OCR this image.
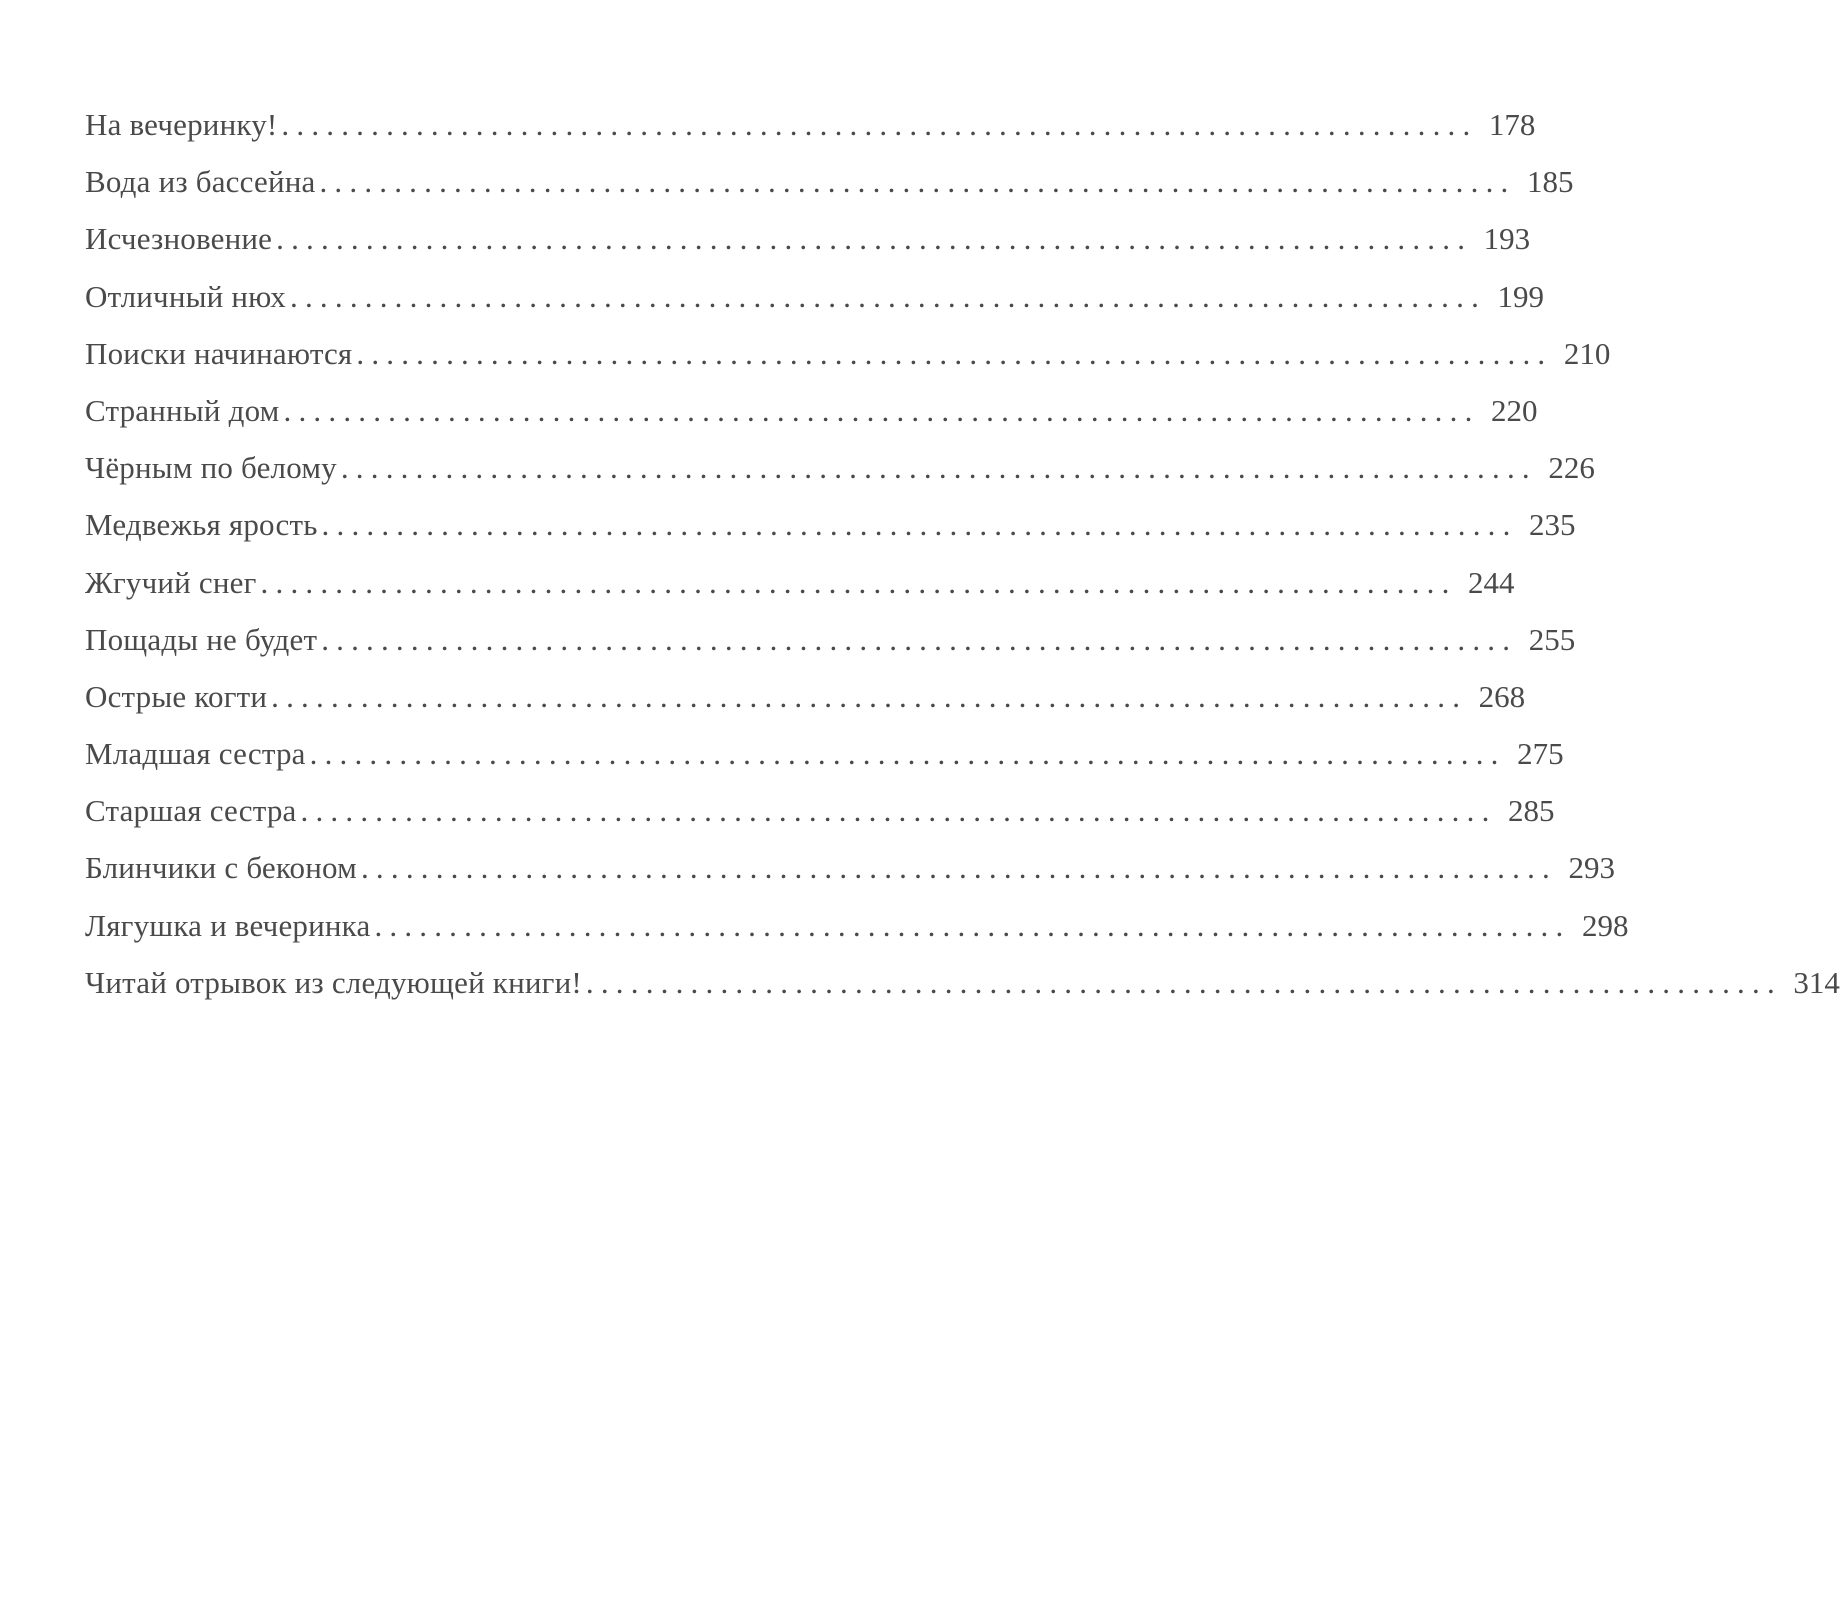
На вечеринку! ................................................................................ 178
Вода из бассейна ................................................................................ 185
Исчезновение ................................................................................ 193
Отличный нюх ................................................................................ 199
Поиски начинаются ................................................................................ 210
Странный дом ................................................................................ 220
Чёрным по белому ................................................................................ 226
Медвежья ярость ................................................................................ 235
Жгучий снег ................................................................................ 244
Пощады не будет ................................................................................ 255
Острые когти ................................................................................ 268
Младшая сестра ................................................................................ 275
Старшая сестра ................................................................................ 285
Блинчики с беконом ................................................................................ 293
Лягушка и вечеринка ................................................................................ 298
Читай отрывок из следующей книги! ................................................................................ 314
